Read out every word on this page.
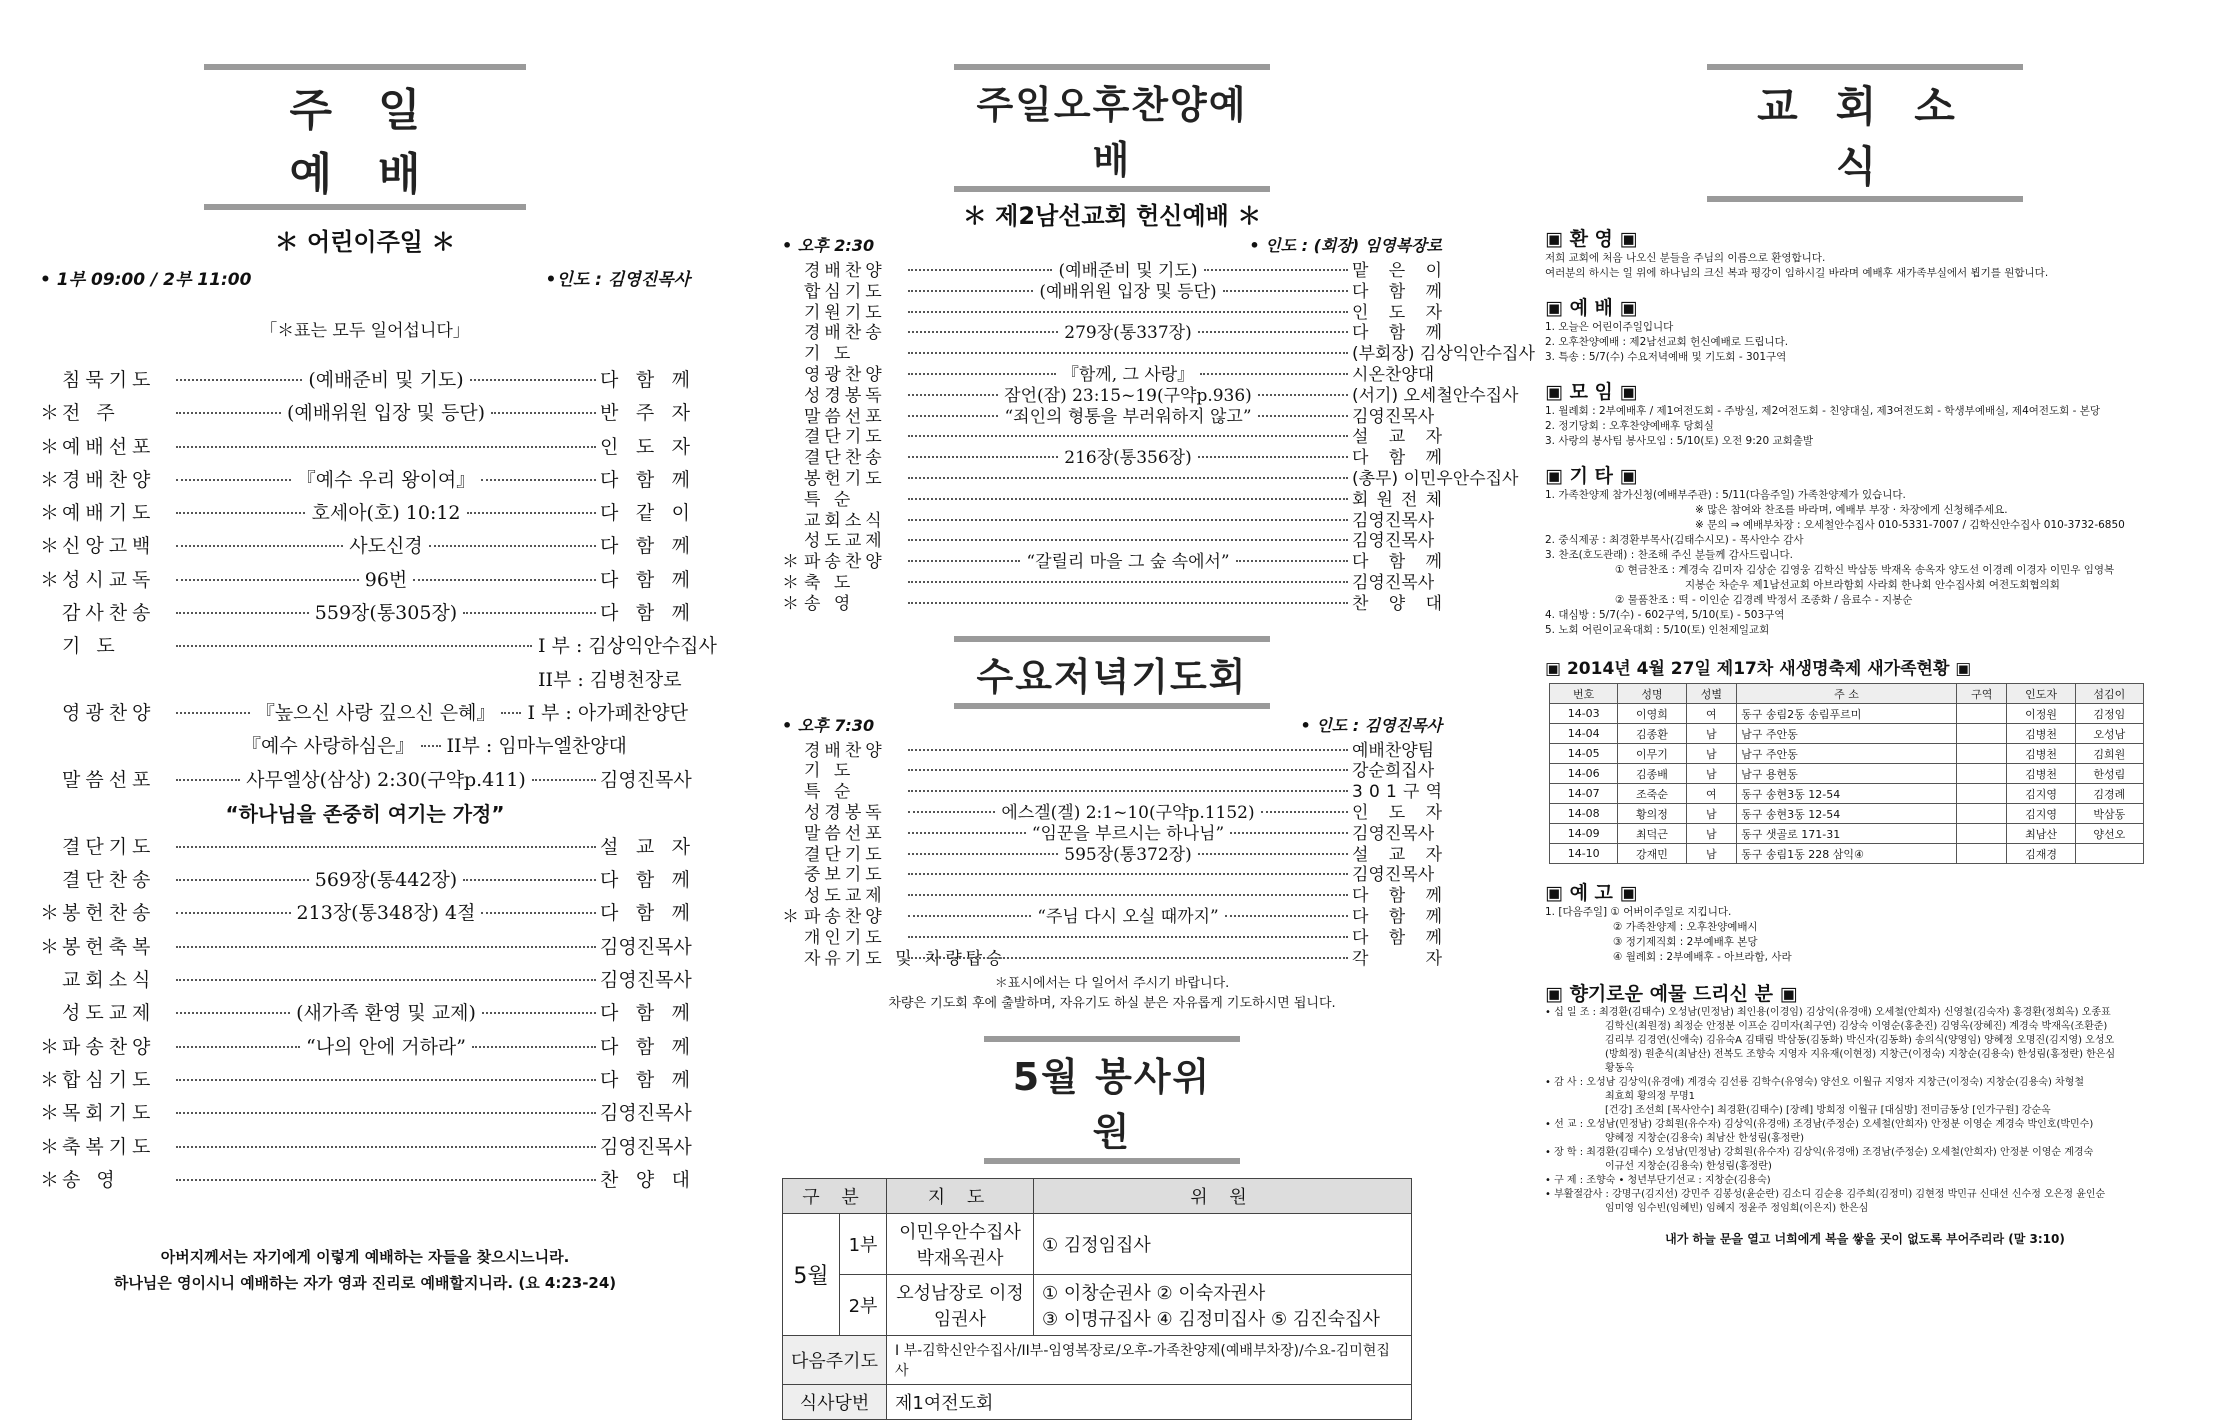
주일예배
＊ 어린이주일 ＊
• 1부 09:00 / 2부 11:00	•인도 : 김영진목사
「＊표는 모두 일어섭니다」
침묵기도	(예배준비 및 기도)	다 함 께
＊ 전 주	(예배위원 입장 및 등단)	반 주 자
＊ 예배선포	인 도 자
＊ 경배찬양	『예수 우리 왕이여』	다 함 께
＊ 예배기도	호세아(호) 10:12	다 같 이
＊ 신앙고백	사도신경	다 함 께
＊ 성시교독	96번	다 함 께
감사찬송	559장(통305장)	다 함 께
기 도	I 부 : 김상익안수집사
II부 : 김병천장로
영광찬양	『높으신 사랑 깊으신 은혜』 I 부 : 아가페찬양단
『예수 사랑하심은』 II부 : 임마누엘찬양대
말씀선포	사무엘상(삼상) 2:30(구약p.411)	김영진목사
“하나님을 존중히 여기는 가정”
결단기도	설 교 자
결단찬송	569장(통442장)	다 함 께
＊ 봉헌찬송	213장(통348장) 4절	다 함 께
＊ 봉헌축복	김영진목사
교회소식	김영진목사
성도교제	(새가족 환영 및 교제)	다 함 께
＊ 파송찬양	“나의 안에 거하라”	다 함 께
＊ 합심기도	다 함 께
＊ 목회기도	김영진목사
＊ 축복기도	김영진목사
＊ 송 영	찬 양 대
아버지께서는 자기에게 이렇게 예배하는 자들을 찾으시느니라.
하나님은 영이시니 예배하는 자가 영과 진리로 예배할지니라. (요 4:23-24)
주일오후찬양예배
＊ 제2남선교회 헌신예배 ＊
• 오후 2:30	• 인도 : (회장) 임영복장로
경배찬양	(예배준비 및 기도)	맡 은 이
합심기도	(예배위원 입장 및 등단)	다 함 께
기원기도	인 도 자
경배찬송	279장(통337장)	다 함 께
기 도	(부회장) 김상익안수집사
영광찬양	『함께, 그 사랑』	시온찬양대
성경봉독	잠언(잠) 23:15~19(구약p.936)	(서기) 오세철안수집사
말씀선포	“죄인의 형통을 부러워하지 않고”	김영진목사
결단기도	설 교 자
결단찬송	216장(통356장)	다 함 께
봉헌기도	(총무) 이민우안수집사
특 순	회 원 전 체
교회소식	김영진목사
성도교제	김영진목사
＊ 파송찬양	“갈릴리 마을 그 숲 속에서”	다 함 께
＊ 축 도	김영진목사
＊ 송 영	찬 양 대
수요저녁기도회
• 오후 7:30	• 인도 : 김영진목사
경배찬양	예배찬양팀
기 도	강순희집사
특 순	3 0 1 구 역
성경봉독	에스겔(겔) 2:1~10(구약p.1152)	인 도 자
말씀선포	“임꾼을 부르시는 하나님”	김영진목사
결단기도	595장(통372장)	설 교 자
중보기도	김영진목사
성도교제	다 함 께
＊ 파송찬양	“주님 다시 오실 때까지”	다 함 께
개인기도	다 함 께
자유기도 및 차량탑승	각 자
＊표시에서는 다 일어서 주시기 바랍니다.
차량은 기도회 후에 출발하며, 자유기도 하실 분은 자유롭게 기도하시면 됩니다.
5월 봉사위원
구 분		지 도	위 원
5월	1부	이민우안수집사 박재옥권사	① 김정임집사
	2부	오성남장로 이정임권사	① 이창순권사 ② 이숙자권사
③ 이명규집사 ④ 김정미집사 ⑤ 김진숙집사

다음주기도		I 부-김학신안수집사/II부-임영복장로/오후-가족찬양제(예배부차장)/수요-김미현집사	
식사당번		제1여전도회	
교회소식
▣ 환 영 ▣
저희 교회에 처음 나오신 분들을 주님의 이름으로 환영합니다.
여러분의 하시는 일 위에 하나님의 크신 복과 평강이 임하시길 바라며 예배후 새가족부실에서 뵙기를 원합니다.
▣ 예 배 ▣
1. 오늘은 어린이주일입니다
2. 오후찬양예배 : 제2남선교회 헌신예배로 드립니다.
3. 특송 : 5/7(수) 수요저녁예배 및 기도회 - 301구역
▣ 모 임 ▣
1. 월례회 : 2부예배후 / 제1여전도회 - 주방실, 제2여전도회 - 친양대실, 제3여전도회 - 학생부예배실, 제4여전도회 - 본당
2. 정기당회 : 오후찬양예배후 당회실
3. 사랑의 봉사팀 봉사모임 : 5/10(토) 오전 9:20 교회출발
▣ 기 타 ▣
1. 가족찬양제 참가신청(예배부주관) : 5/11(다음주일) 가족찬양제가 있습니다.
※ 많은 참여와 찬조를 바라며, 예배부 부장 · 차장에게 신청해주세요.
※ 문의 ⇒ 예배부차장 : 오세철안수집사 010-5331-7007 / 김학신안수집사 010-3732-6850
2. 중식제공 : 최경환부목사(김태수시모) - 목사안수 감사
3. 찬조(호도관래) : 찬조해 주신 분들께 감사드립니다.
① 현금찬조 : 계경숙 김미자 김상순 김영웅 김학신 박삼동 박재옥 송옥자 양도선 이경례 이경자 이민우 임영복
지봉순 차순우 제1남선교회 아브라함회 사라회 한나회 안수집사회 여전도회협의회
② 물품찬조 : 떡 - 이인순 김경례 박정서 조종화 / 음료수 - 지봉순
4. 대심방 : 5/7(수) - 602구역, 5/10(토) - 503구역
5. 노회 어린이교육대회 : 5/10(토) 인천제일교회
▣ 2014년 4월 27일 제17차 새생명축제 새가족현황 ▣
번호	성명	성별	주 소	구역	인도자	섬김이
14-03	이영희	여	동구 송림2동 송림푸르미		이정원	김정임
14-04	김종환	남	남구 주안동		김병천	오성남
14-05	이무기	남	남구 주안동		김병천	김희원
14-06	김종배	남	남구 용현동		김병천	한성림
14-07	조죽순	여	동구 송현3동 12-54		김지영	김경례
14-08	황의정	남	동구 송현3동 12-54		김지영	박삼동
14-09	최덕근	남	동구 샛골로 171-31		최남산	양선오
14-10	강재민	남	동구 송림1동 228 삼익④		김재경	
▣ 예 고 ▣
1. [다음주일] ① 어버이주일로 지킵니다.
② 가족찬양제 : 오후찬양예배시
③ 정기제직회 : 2부예배후 본당
④ 월례회 : 2부예배후 - 아브라함, 사라
▣ 향기로운 예물 드리신 분 ▣
• 십 일 조 : 최경환(김태수) 오성남(민정남) 최인용(이경임) 김상익(유경애) 오세철(안희자) 신영철(김숙자) 홍경환(정희옥) 오종표
김학신(최원정) 최정순 안정분 이프순 김미자(최구연) 김상숙 이영순(홍춘진) 김영옥(장혜진) 계경숙 박재옥(조환준)
김리부 김경연(신애숙) 김유숙A 김태림 박삼동(김동화) 박신자(김동화) 송의식(양영임) 양혜정 오명진(김지영) 오성오
(방희정) 원춘식(최남산) 전복도 조향숙 지영자 지유재(이현정) 지창근(이정숙) 지창순(김용숙) 한성림(홍정란) 한은심
황동옥
• 감 사 : 오성남 김상익(유경애) 계경숙 김선룡 김학수(유영숙) 양선오 이월규 지영자 지창근(이정숙) 지창순(김용숙) 차형철
최효희 황의정 무명1
[건강] 조선희 [목사안수] 최경환(김태수) [장례] 방희정 이월규 [대심방] 전미금동상 [인가구원] 강순옥
• 선 교 : 오성남(민정남) 강희원(유수자) 김상익(유경애) 조경남(주정순) 오세철(안희자) 안정분 이영순 계경숙 박인호(박민수)
양혜정 지창순(김용숙) 최남산 한성림(홍정란)
• 장 학 : 최경환(김태수) 오성남(민정남) 강희원(유수자) 김상익(유경애) 조경남(주정순) 오세철(안희자) 안정분 이영순 계경숙
이규선 지창순(김용숙) 한성림(홍정란)
• 구 제 : 조향숙 • 청년부단기선교 : 지창순(김용숙)
• 부활절감사 : 강명구(김지선) 강민주 김봉성(윤순란) 김소디 김순용 김주희(김정미) 김현정 박민규 신대선 신수정 오은정 윤인순
임미영 임수빈(임혜빈) 임혜지 정윤주 정임희(이은지) 한은심
내가 하늘 문을 열고 너희에게 복을 쌓을 곳이 없도록 부어주리라 (말 3:10)
